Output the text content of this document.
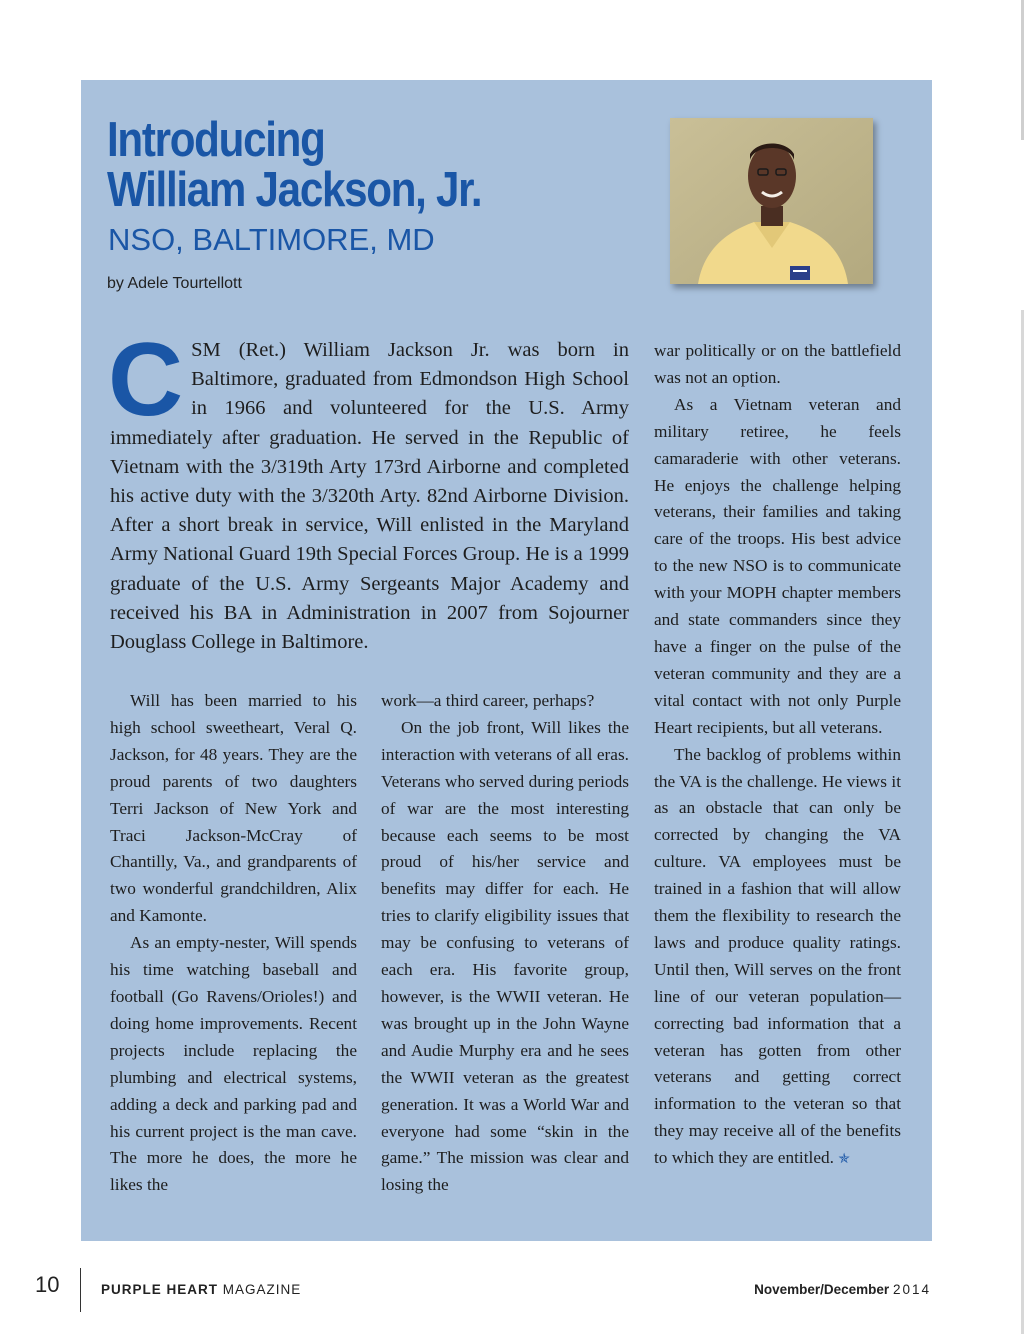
Introducing
William Jackson, Jr.
NSO, BALTIMORE, MD
by Adele Tourtellott
CSM (Ret.) William Jackson Jr. was born in Baltimore, graduated from Edmondson High School in 1966 and volunteered for the U.S. Army immediately after graduation. He served in the Republic of Vietnam with the 3/319th Arty 173rd Airborne and completed his active duty with the 3/320th Arty. 82nd Airborne Division. After a short break in service, Will enlisted in the Maryland Army National Guard 19th Special Forces Group. He is a 1999 graduate of the U.S. Army Sergeants Major Academy and received his BA in Administration in 2007 from Sojourner Douglass College in Baltimore.

Will has been married to his high school sweetheart, Veral Q. Jackson, for 48 years. They are the proud parents of two daughters Terri Jackson of New York and Traci Jackson-McCray of Chantilly, Va., and grandparents of two wonderful grandchildren, Alix and Kamonte.

As an empty-nester, Will spends his time watching baseball and football (Go Ravens/Orioles!) and doing home improvements. Recent projects include replacing the plumbing and electrical systems, adding a deck and parking pad and his current project is the man cave. The more he does, the more he likes the

work—a third career, perhaps?

On the job front, Will likes the interaction with veterans of all eras. Veterans who served during periods of war are the most interesting because each seems to be most proud of his/her service and benefits may differ for each. He tries to clarify eligibility issues that may be confusing to veterans of each era. His favorite group, however, is the WWII veteran. He was brought up in the John Wayne and Audie Murphy era and he sees the WWII veteran as the greatest generation. It was a World War and everyone had some “skin in the game.” The mission was clear and losing the

war politically or on the battlefield was not an option.

As a Vietnam veteran and military retiree, he feels camaraderie with other veterans. He enjoys the challenge helping veterans, their families and taking care of the troops. His best advice to the new NSO is to communicate with your MOPH chapter members and state commanders since they have a finger on the pulse of the veteran community and they are a vital contact with not only Purple Heart recipients, but all veterans.

The backlog of problems within the VA is the challenge. He views it as an obstacle that can only be corrected by changing the VA culture. VA employees must be trained in a fashion that will allow them the flexibility to research the laws and produce quality ratings. Until then, Will serves on the front line of our veteran population—correcting bad information that a veteran has gotten from other veterans and getting correct information to the veteran so that they may receive all of the benefits to which they are entitled. ✯

10	PURPLE HEART MAGAZINE	November/December 2014
